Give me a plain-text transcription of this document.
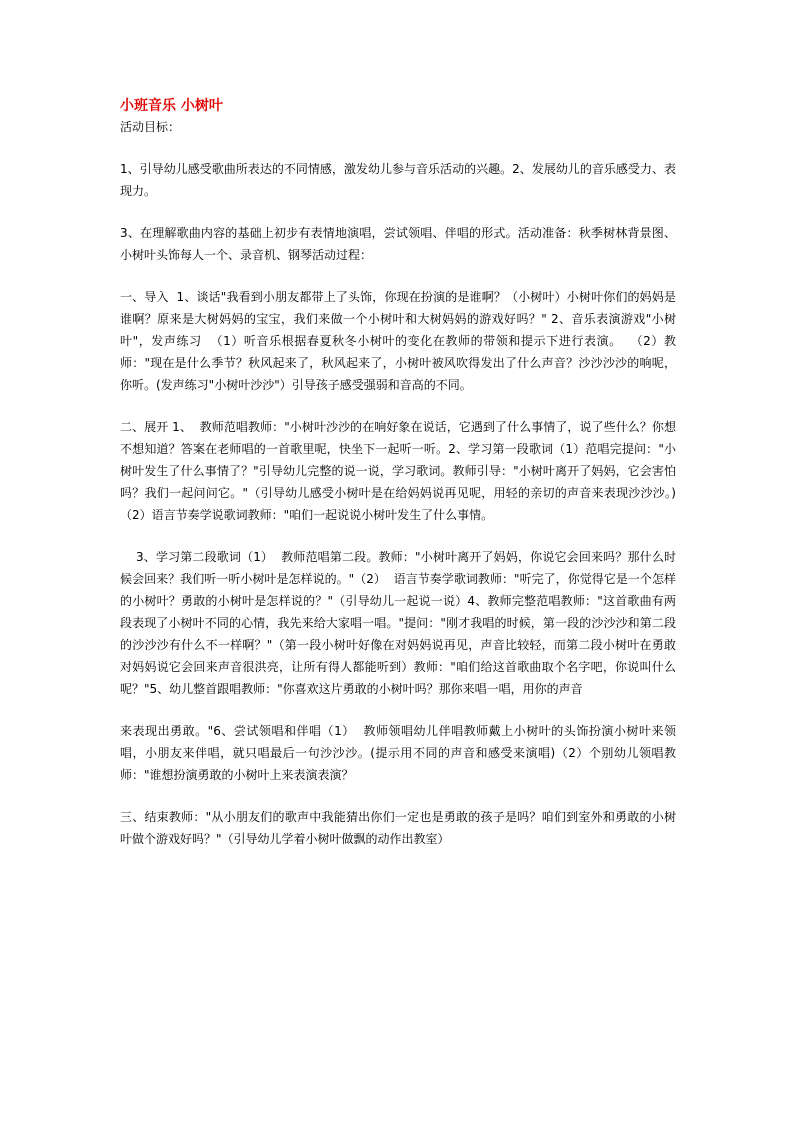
小班音乐 小树叶

活动目标：

1、引导幼儿感受歌曲所表达的不同情感，激发幼儿参与音乐活动的兴趣。2、发展幼儿的音乐感受力、表现力。

3、在理解歌曲内容的基础上初步有表情地演唱，尝试领唱、伴唱的形式。活动准备：秋季树林背景图、小树叶头饰每人一个、录音机、钢琴活动过程：

一、导入  1、谈话"我看到小朋友都带上了头饰，你现在扮演的是谁啊？（小树叶）小树叶你们的妈妈是谁啊？原来是大树妈妈的宝宝，我们来做一个小树叶和大树妈妈的游戏好吗？" 2、音乐表演游戏"小树叶"，发声练习  （1）听音乐根据春夏秋冬小树叶的变化在教师的带领和提示下进行表演。  （2）教师："现在是什么季节？秋风起来了，秋风起来了，小树叶被风吹得发出了什么声音？沙沙沙沙的响呢，你听。(发声练习"小树叶沙沙"）引导孩子感受强弱和音高的不同。

二、展开 1、  教师范唱教师："小树叶沙沙的在响好象在说话，它遇到了什么事情了，说了些什么？你想不想知道？答案在老师唱的一首歌里呢，快坐下一起听一听。2、学习第一段歌词（1）范唱完提问："小树叶发生了什么事情了？"引导幼儿完整的说一说，学习歌词。教师引导："小树叶离开了妈妈，它会害怕吗？我们一起问问它。"（引导幼儿感受小树叶是在给妈妈说再见呢，用轻的亲切的声音来表现沙沙沙。)（2）语言节奏学说歌词教师："咱们一起说说小树叶发生了什么事情。

3、学习第二段歌词（1）  教师范唱第二段。教师："小树叶离开了妈妈，你说它会回来吗？那什么时候会回来？我们听一听小树叶是怎样说的。"（2）  语言节奏学歌词教师："听完了，你觉得它是一个怎样的小树叶？勇敢的小树叶是怎样说的？"（引导幼儿一起说一说）4、教师完整范唱教师："这首歌曲有两段表现了小树叶不同的心情，我先来给大家唱一唱。"提问："刚才我唱的时候，第一段的沙沙沙和第二段的沙沙沙有什么不一样啊？"（第一段小树叶好像在对妈妈说再见，声音比较轻，而第二段小树叶在勇敢对妈妈说它会回来声音很洪亮，让所有得人都能听到）教师："咱们给这首歌曲取个名字吧，你说叫什么呢？"5、幼儿整首跟唱教师："你喜欢这片勇敢的小树叶吗？那你来唱一唱，用你的声音

来表现出勇敢。"6、尝试领唱和伴唱（1）  教师领唱幼儿伴唱教师戴上小树叶的头饰扮演小树叶来领唱，小朋友来伴唱，就只唱最后一句沙沙沙。(提示用不同的声音和感受来演唱)（2）个别幼儿领唱教师："谁想扮演勇敢的小树叶上来表演表演？

三、结束教师："从小朋友们的歌声中我能猜出你们一定也是勇敢的孩子是吗？咱们到室外和勇敢的小树叶做个游戏好吗？"（引导幼儿学着小树叶做飘的动作出教室）
